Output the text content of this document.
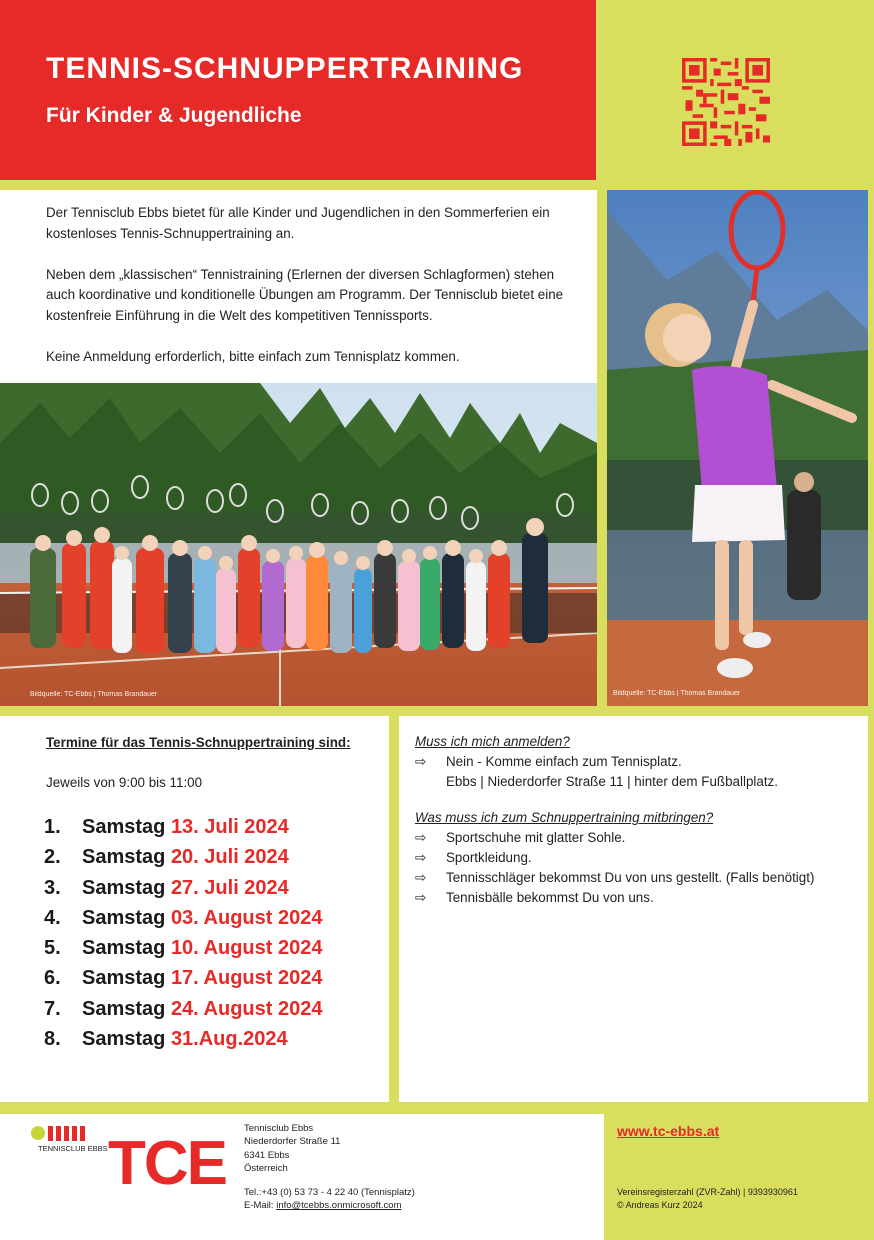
TENNIS-SCHNUPPERTRAINING
Für Kinder & Jugendliche

Der Tennisclub Ebbs bietet für alle Kinder und Jugendlichen in den Sommerferien ein kostenloses Tennis-Schnuppertraining an.

Neben dem „klassischen“ Tennistraining (Erlernen der diversen Schlagformen) stehen auch koordinative und konditionelle Übungen am Programm. Der Tennisclub bietet eine kostenfreie Einführung in die Welt des kompetitiven Tennissports.

Keine Anmeldung erforderlich, bitte einfach zum Tennisplatz kommen.

Bildquelle: TC-Ebbs | Thomas Brandauer	Bildquelle: TC-Ebbs | Thomas Brandauer
Termine für das Tennis-Schnuppertraining sind:
Jeweils von 9:00 bis 11:00
1. Samstag 13. Juli 2024
2. Samstag 20. Juli 2024
3. Samstag 27. Juli 2024
4. Samstag 03. August 2024
5. Samstag 10. August 2024
6. Samstag 17. August 2024
7. Samstag 24. August 2024
8. Samstag 31.Aug.2024
Muss ich mich anmelden?
⇨	Nein - Komme einfach zum Tennisplatz.
Ebbs | Niederdorfer Straße 11 | hinter dem Fußballplatz.
Was muss ich zum Schnuppertraining mitbringen?
⇨	Sportschuhe mit glatter Sohle.
⇨	Sportkleidung.
⇨	Tennisschläger bekommst Du von uns gestellt. (Falls benötigt)
⇨	Tennisbälle bekommst Du von uns.
TENNISCLUB EBBS TCE
Tennisclub Ebbs
Niederdorfer Straße 11
6341 Ebbs
Österreich
Tel.:+43 (0) 53 73 - 4 22 40 (Tennisplatz)
E-Mail: info@tcebbs.onmicrosoft.com
www.tc-ebbs.at
Vereinsregisterzahl (ZVR-Zahl) | 9393930961
© Andreas Kurz 2024
